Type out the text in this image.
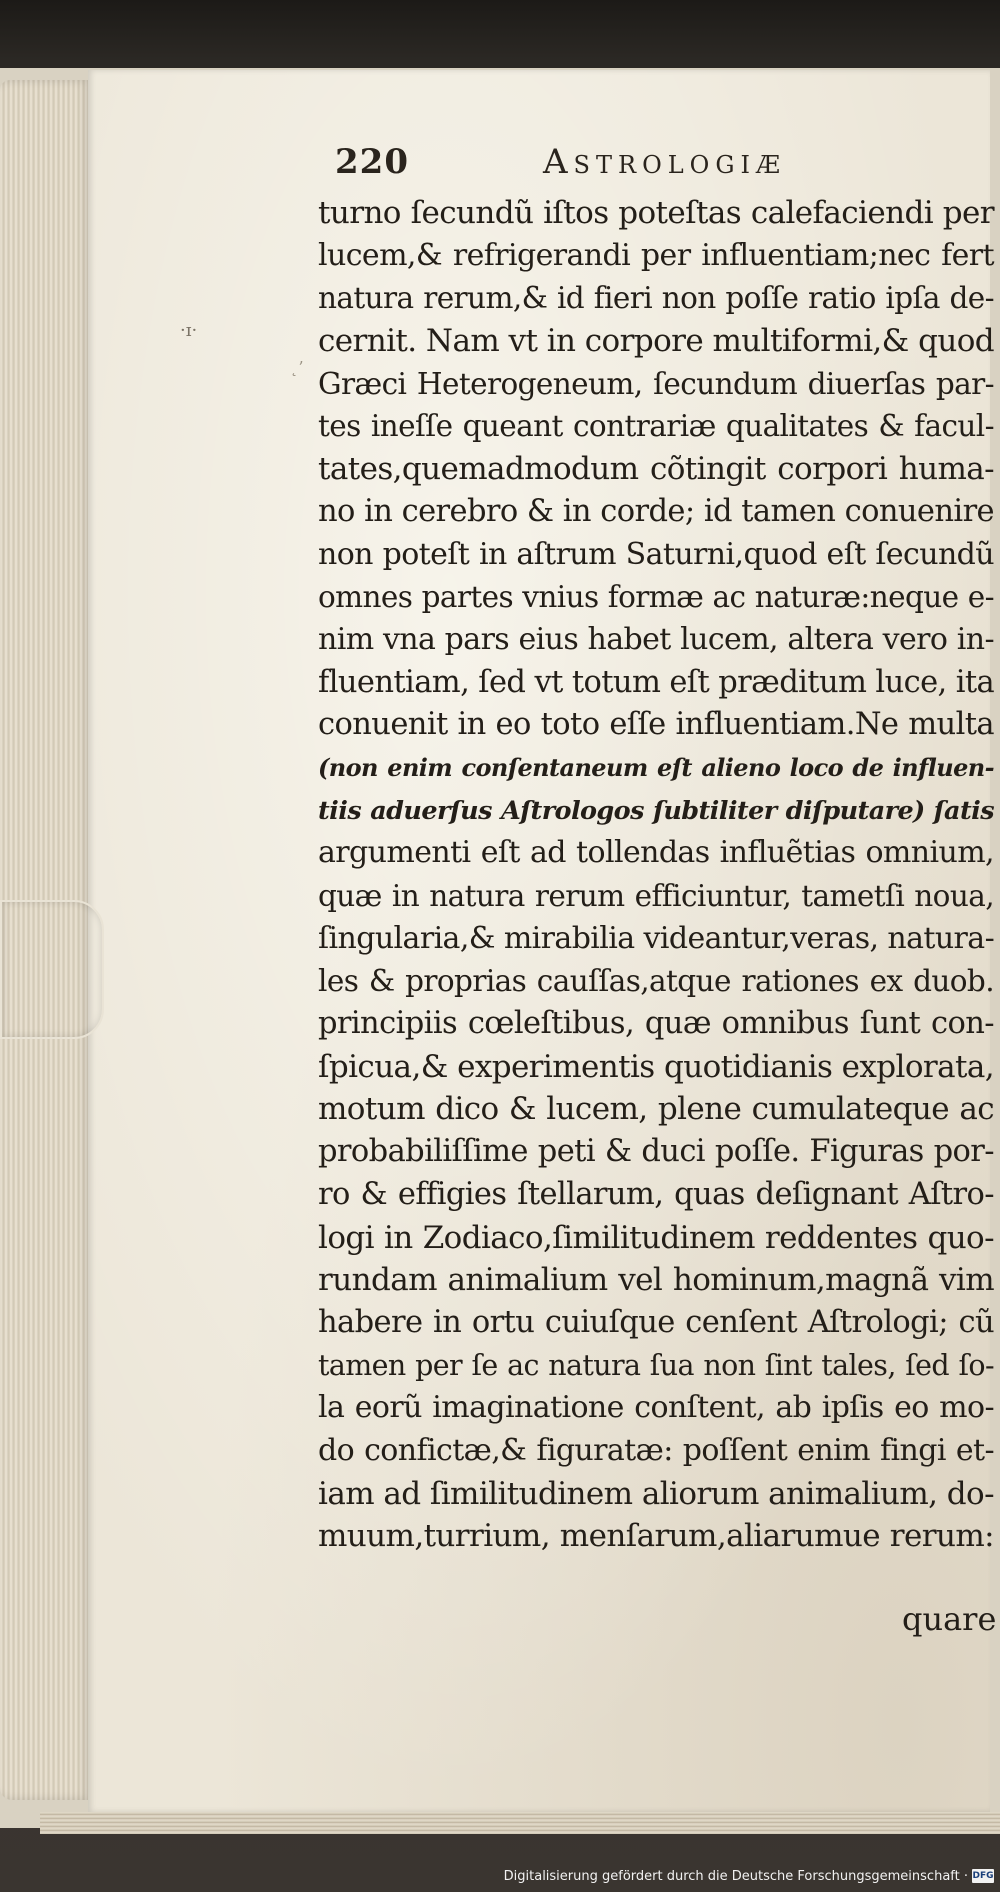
·ɪ·
˛ʼ
220	Astrologiæ
turno ſecundũ iſtos poteſtas calefaciendi per
lucem,& refrigerandi per influentiam;nec fert
natura rerum,& id fieri non poſſe ratio ipſa de-
cernit. Nam vt in corpore multiformi,& quod
Græci Heterogeneum, ſecundum diuerſas par-
tes ineſſe queant contrariæ qualitates & facul-
tates,quemadmodum cõtingit corpori huma-
no in cerebro & in corde; id tamen conuenire
non poteſt in aſtrum Saturni,quod eſt ſecundũ
omnes partes vnius formæ ac naturæ:neque e-
nim vna pars eius habet lucem, altera vero in-
fluentiam, ſed vt totum eſt præditum luce, ita
conuenit in eo toto eſſe influentiam.Ne multa
(non enim conſentaneum eſt alieno loco de influen-
tiis aduerſus Aſtrologos ſubtiliter diſputare) ſatis
argumenti eſt ad tollendas influẽtias omnium,
quæ in natura rerum efficiuntur, tametſi noua,
ſingularia,& mirabilia videantur,veras, natura-
les & proprias cauſſas,atque rationes ex duob.
principiis cœleſtibus, quæ omnibus ſunt con-
ſpicua,& experimentis quotidianis explorata,
motum dico & lucem, plene cumulateque ac
probabiliſſime peti & duci poſſe. Figuras por-
ro & effigies ſtellarum, quas deſignant Aſtro-
logi in Zodiaco,ſimilitudinem reddentes quo-
rundam animalium vel hominum,magnã vim
habere in ortu cuiuſque cenſent Aſtrologi; cũ
tamen per ſe ac natura ſua non ſint tales, ſed ſo-
la eorũ imaginatione conſtent, ab ipſis eo mo-
do confictæ,& figuratæ: poſſent enim fingi et-
iam ad ſimilitudinem aliorum animalium, do-
muum,turrium, menſarum,aliarumue rerum:
quare
Digitalisierung gefördert durch die Deutsche Forschungsgemeinschaft · DFG
